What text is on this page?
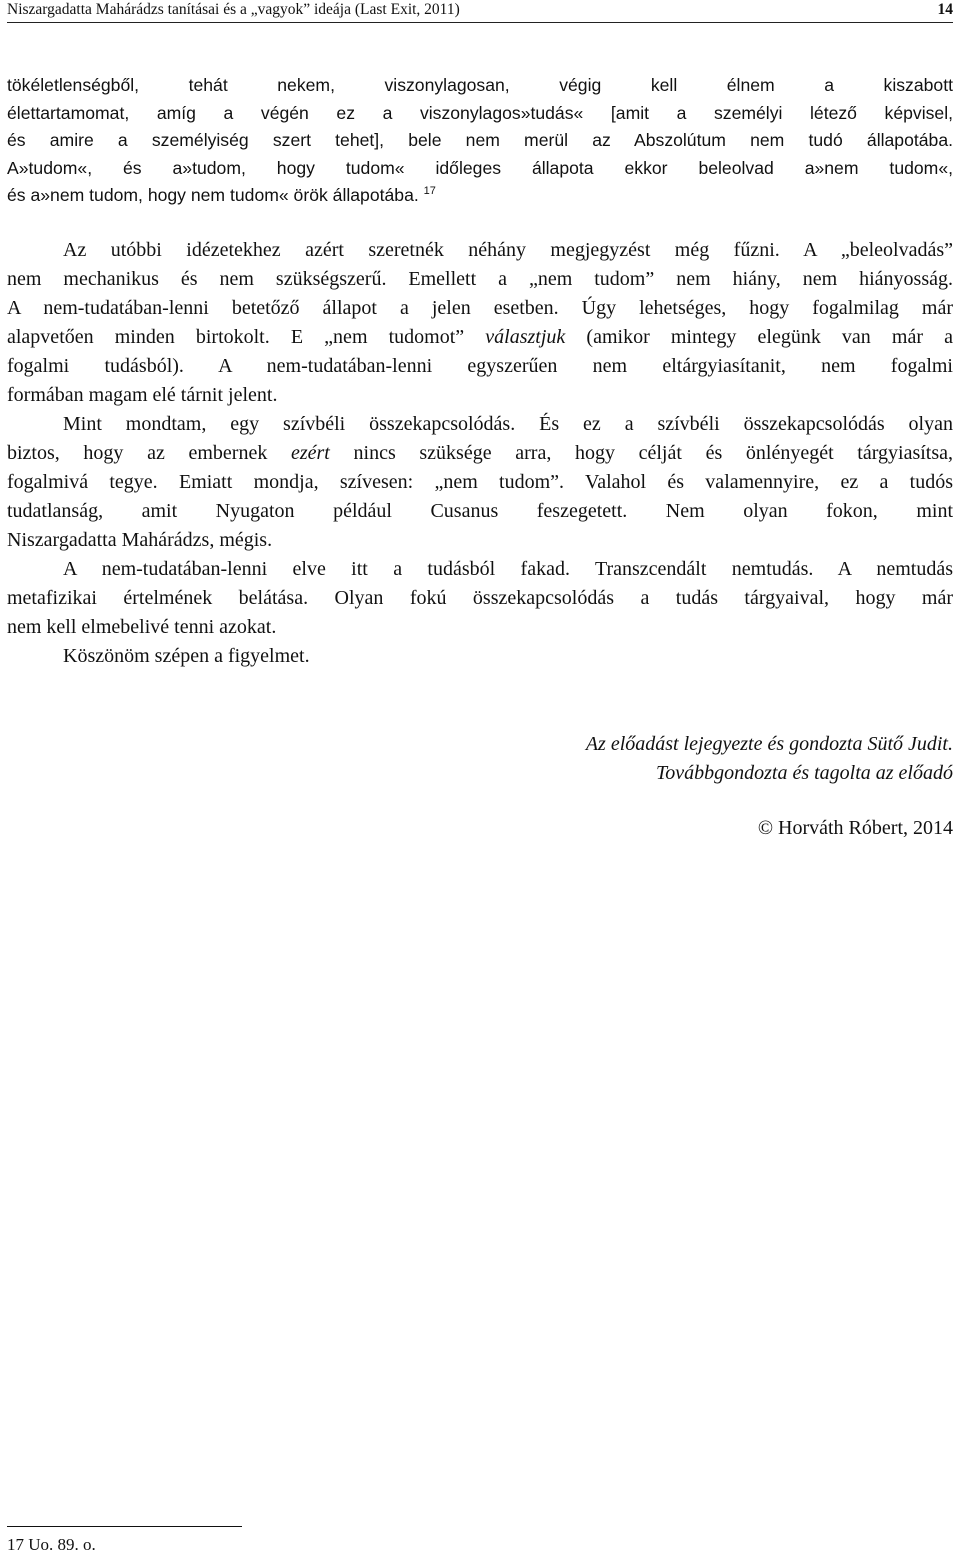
Niszargadatta Mahárádzs tanításai és a „vagyok” ideája (Last Exit, 2011)	14
tökéletlenségből, tehát nekem, viszonylagosan, végig kell élnem a kiszabott
élettartamomat, amíg a végén ez a viszonylagos»tudás« [amit a személyi létező képvisel,
és amire a személyiség szert tehet], bele nem merül az Abszolútum nem tudó állapotába.
A»tudom«, és a»tudom, hogy tudom« időleges állapota ekkor beleolvad a»nem tudom«,
és a»nem tudom, hogy nem tudom« örök állapotába. $^{17}$
Az utóbbi idézetekhez azért szeretnék néhány megjegyzést még fűzni. A „beleolvadás”
nem mechanikus és nem szükségszerű. Emellett a „nem tudom” nem hiány, nem hiányosság.
A nem-tudatában-lenni betetőző állapot a jelen esetben. Úgy lehetséges, hogy fogalmilag már
alapvetően minden birtokolt. E „nem tudomot” választjuk (amikor mintegy elegünk van már a
fogalmi tudásból). A nem-tudatában-lenni egyszerűen nem eltárgyiasítanit, nem fogalmi
formában magam elé tárnit jelent.
Mint mondtam, egy szívbéli összekapcsolódás. És ez a szívbéli összekapcsolódás olyan
biztos, hogy az embernek ezért nincs szüksége arra, hogy célját és önlényegét tárgyiasítsa,
fogalmivá tegye. Emiatt mondja, szívesen: „nem tudom”. Valahol és valamennyire, ez a tudós
tudatlanság, amit Nyugaton például Cusanus feszegetett. Nem olyan fokon, mint
Niszargadatta Mahárádzs, mégis.
A nem-tudatában-lenni elve itt a tudásból fakad. Transzcendált nemtudás. A nemtudás
metafizikai értelmének belátása. Olyan fokú összekapcsolódás a tudás tárgyaival, hogy már
nem kell elmebelivé tenni azokat.
Köszönöm szépen a figyelmet.
Az előadást lejegyezte és gondozta Sütő Judit.
Továbbgondozta és tagolta az előadó
© Horváth Róbert, 2014
17 Uo. 89. o.
